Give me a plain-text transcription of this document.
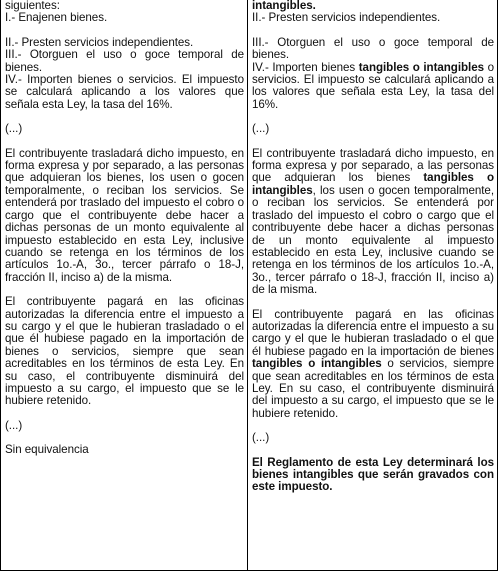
siguientes:

I.- Enajenen bienes.

II.- Presten servicios independientes.

III.- Otorguen el uso o goce temporal de bienes.

IV.- Importen bienes o servicios. El impuesto se calculará aplicando a los valores que señala esta Ley, la tasa del 16%.

(...)

El contribuyente trasladará dicho impuesto, en forma expresa y por separado, a las personas que adquieran los bienes, los usen o gocen temporalmente, o reciban los servicios. Se entenderá por traslado del impuesto el cobro o cargo que el contribuyente debe hacer a dichas personas de un monto equivalente al impuesto establecido en esta Ley, inclusive cuando se retenga en los términos de los artículos 1o.-A, 3o., tercer párrafo o 18-J, fracción II, inciso a) de la misma.

El contribuyente pagará en las oficinas autorizadas la diferencia entre el impuesto a su cargo y el que le hubieran trasladado o el que él hubiese pagado en la importación de bienes o servicios, siempre que sean acreditables en los términos de esta Ley. En su caso, el contribuyente disminuirá del impuesto a su cargo, el impuesto que se le hubiere retenido.

(...)

Sin equivalencia

intangibles.

II.- Presten servicios independientes.

III.- Otorguen el uso o goce temporal de bienes.

IV.- Importen bienes tangibles o intangibles o servicios. El impuesto se calculará aplicando a los valores que señala esta Ley, la tasa del 16%.

(...)

El contribuyente trasladará dicho impuesto, en forma expresa y por separado, a las personas que adquieran los bienes tangibles o intangibles, los usen o gocen temporalmente, o reciban los servicios. Se entenderá por traslado del impuesto el cobro o cargo que el contribuyente debe hacer a dichas personas de un monto equivalente al impuesto establecido en esta Ley, inclusive cuando se retenga en los términos de los artículos 1o.-A, 3o., tercer párrafo o 18-J, fracción II, inciso a) de la misma.

El contribuyente pagará en las oficinas autorizadas la diferencia entre el impuesto a su cargo y el que le hubieran trasladado o el que él hubiese pagado en la importación de bienes tangibles o intangibles o servicios, siempre que sean acreditables en los términos de esta Ley. En su caso, el contribuyente disminuirá del impuesto a su cargo, el impuesto que se le hubiere retenido.

(...)

El Reglamento de esta Ley determinará los bienes intangibles que serán gravados con este impuesto.
